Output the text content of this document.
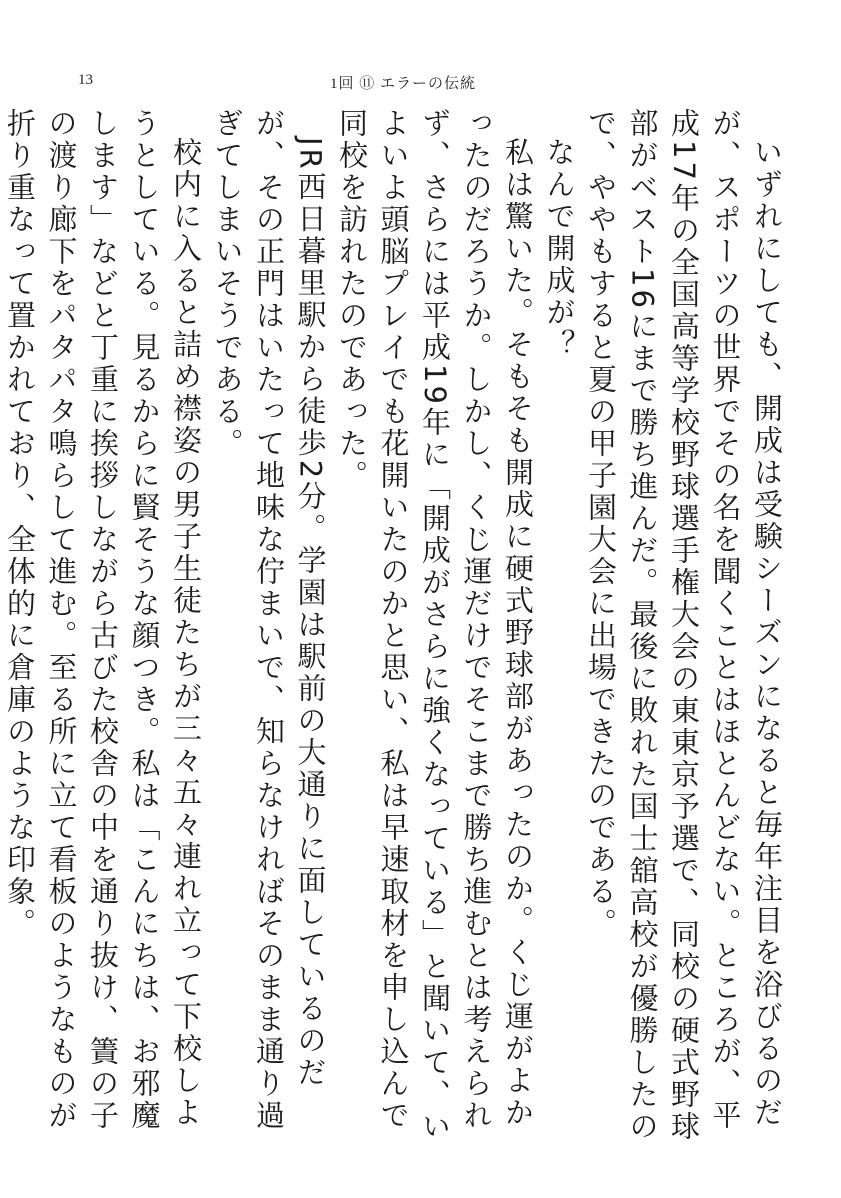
13	1回 ⑪ エラーの伝統

いずれにしても、開成は受験シーズンになると毎年注目を浴びるのだが、スポーツの世界でその名を聞くことはほとんどない。ところが、平成17年の全国高等学校野球選手権大会の東東京予選で、同校の硬式野球部がベスト16にまで勝ち進んだ。最後に敗れた国士舘高校が優勝したので、ややもすると夏の甲子園大会に出場できたのである。

なんで開成が？

私は驚いた。そもそも開成に硬式野球部があったのか。くじ運がよかったのだろうか。しかし、くじ運だけでそこまで勝ち進むとは考えられず、さらには平成19年に「開成がさらに強くなっている」と聞いて、いよいよ頭脳プレイでも花開いたのかと思い、私は早速取材を申し込んで同校を訪れたのであった。

JR西日暮里駅から徒歩2分。学園は駅前の大通りに面しているのだが、その正門はいたって地味な佇まいで、知らなければそのまま通り過ぎてしまいそうである。

校内に入ると詰め襟姿の男子生徒たちが三々五々連れ立って下校しようとしている。見るからに賢そうな顔つき。私は「こんにちは、お邪魔します」などと丁重に挨拶しながら古びた校舎の中を通り抜け、簀の子の渡り廊下をパタパタ鳴らして進む。至る所に立て看板のようなものが折り重なって置かれており、全体的に倉庫のような印象。
